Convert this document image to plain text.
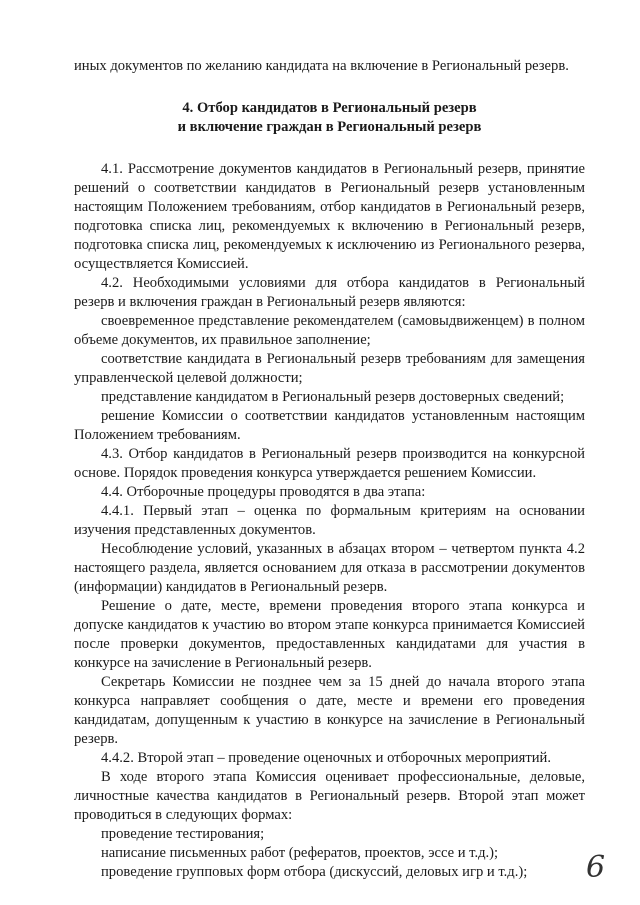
иных документов по желанию кандидата на включение в Региональный резерв.

4. Отбор кандидатов в Региональный резерв
и включение граждан в Региональный резерв

4.1. Рассмотрение документов кандидатов в Региональный резерв, принятие решений о соответствии кандидатов в Региональный резерв установленным настоящим Положением требованиям, отбор кандидатов в Региональный резерв, подготовка списка лиц, рекомендуемых к включению в Региональный резерв, подготовка списка лиц, рекомендуемых к исключению из Регионального резерва, осуществляется Комиссией.

4.2. Необходимыми условиями для отбора кандидатов в Региональный резерв и включения граждан в Региональный резерв являются:

своевременное представление рекомендателем (самовыдвиженцем) в полном объеме документов, их правильное заполнение;

соответствие кандидата в Региональный резерв требованиям для замещения управленческой целевой должности;

представление кандидатом в Региональный резерв достоверных сведений;

решение Комиссии о соответствии кандидатов установленным настоящим Положением требованиям.

4.3. Отбор кандидатов в Региональный резерв производится на конкурсной основе. Порядок проведения конкурса утверждается решением Комиссии.

4.4. Отборочные процедуры проводятся в два этапа:

4.4.1. Первый этап – оценка по формальным критериям на основании изучения представленных документов.

Несоблюдение условий, указанных в абзацах втором – четвертом пункта 4.2 настоящего раздела, является основанием для отказа в рассмотрении документов (информации) кандидатов в Региональный резерв.

Решение о дате, месте, времени проведения второго этапа конкурса и допуске кандидатов к участию во втором этапе конкурса принимается Комиссией после проверки документов, предоставленных кандидатами для участия в конкурсе на зачисление в Региональный резерв.

Секретарь Комиссии не позднее чем за 15 дней до начала второго этапа конкурса направляет сообщения о дате, месте и времени его проведения кандидатам, допущенным к участию в конкурсе на зачисление в Региональный резерв.

4.4.2. Второй этап – проведение оценочных и отборочных мероприятий.

В ходе второго этапа Комиссия оценивает профессиональные, деловые, личностные качества кандидатов в Региональный резерв. Второй этап может проводиться в следующих формах:

проведение тестирования;

написание письменных работ (рефератов, проектов, эссе и т.д.);

проведение групповых форм отбора (дискуссий, деловых игр и т.д.);	6
